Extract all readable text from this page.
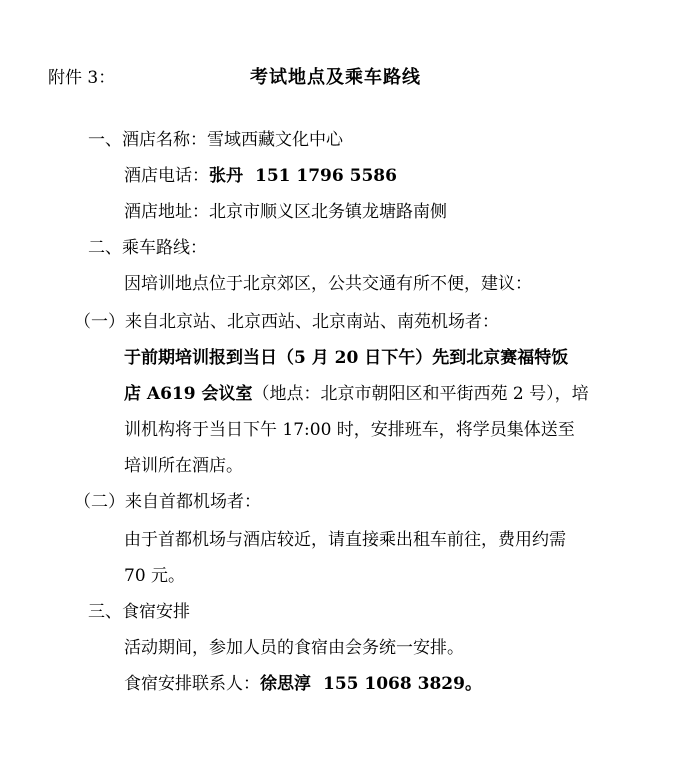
附件 3：	考试地点及乘车路线
一、酒店名称：雪域西藏文化中心
酒店电话：张丹 151 1796 5586
酒店地址：北京市顺义区北务镇龙塘路南侧
二、乘车路线：
因培训地点位于北京郊区，公共交通有所不便，建议：
（一）来自北京站、北京西站、北京南站、南苑机场者：
于前期培训报到当日（5 月 20 日下午）先到北京赛福特饭
店 A619 会议室（地点：北京市朝阳区和平街西苑 2 号），培
训机构将于当日下午 17:00 时，安排班车，将学员集体送至
培训所在酒店。
（二）来自首都机场者：
由于首都机场与酒店较近，请直接乘出租车前往，费用约需
70 元。
三、食宿安排
活动期间，参加人员的食宿由会务统一安排。
食宿安排联系人：徐思淳 155 1068 3829。
